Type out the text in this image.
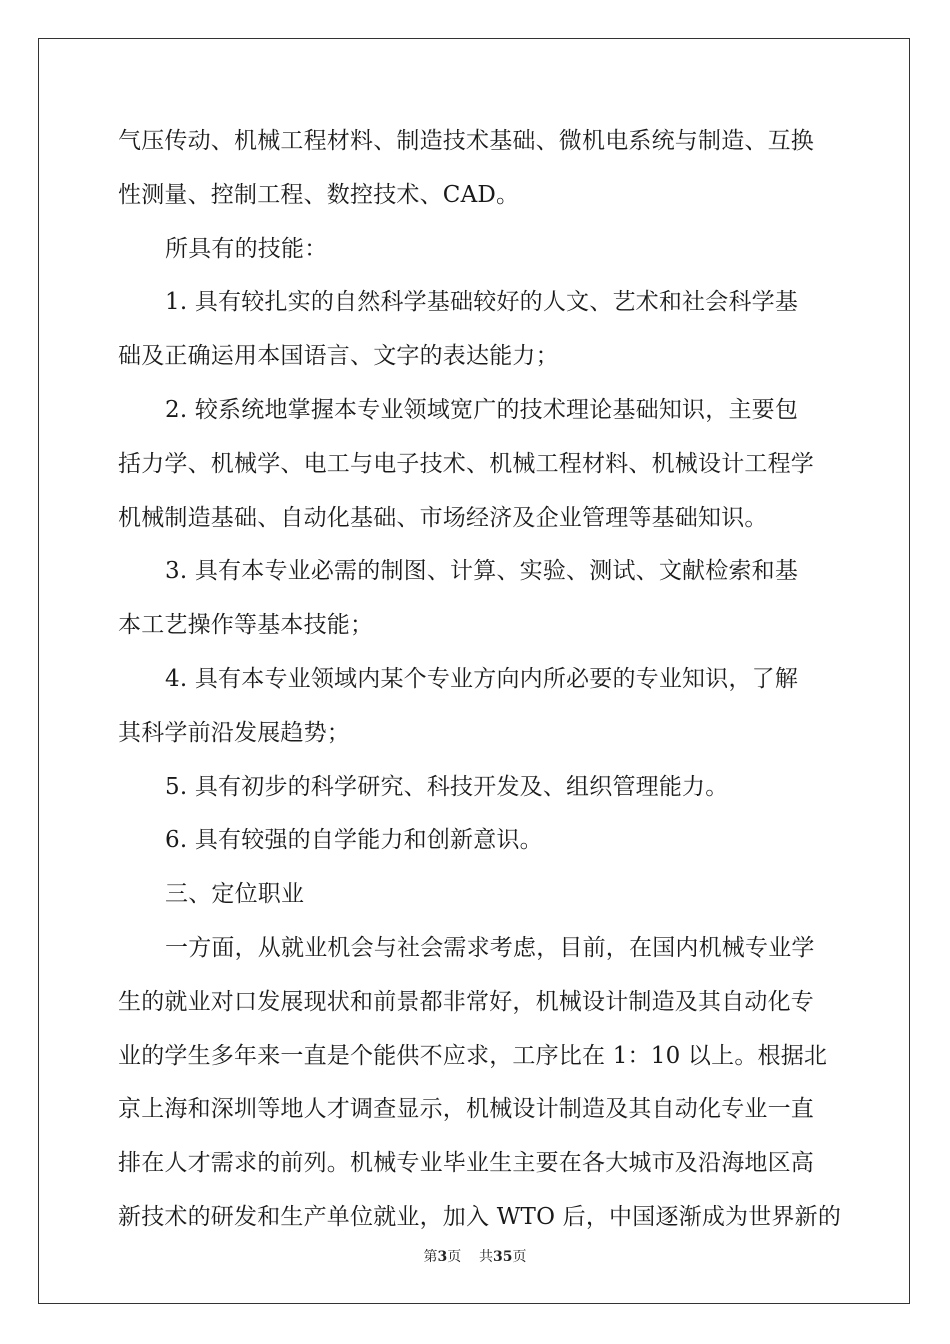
气压传动、机械工程材料、制造技术基础、微机电系统与制造、互换
性测量、控制工程、数控技术、CAD。
所具有的技能：
1. 具有较扎实的自然科学基础较好的人文、艺术和社会科学基
础及正确运用本国语言、文字的表达能力；
2. 较系统地掌握本专业领域宽广的技术理论基础知识，主要包
括力学、机械学、电工与电子技术、机械工程材料、机械设计工程学
机械制造基础、自动化基础、市场经济及企业管理等基础知识。
3. 具有本专业必需的制图、计算、实验、测试、文献检索和基
本工艺操作等基本技能；
4. 具有本专业领域内某个专业方向内所必要的专业知识，了解
其科学前沿发展趋势；
5. 具有初步的科学研究、科技开发及、组织管理能力。
6. 具有较强的自学能力和创新意识。
三、定位职业
一方面，从就业机会与社会需求考虑，目前，在国内机械专业学
生的就业对口发展现状和前景都非常好，机械设计制造及其自动化专
业的学生多年来一直是个能供不应求，工序比在 1：10 以上。根据北
京上海和深圳等地人才调查显示，机械设计制造及其自动化专业一直
排在人才需求的前列。机械专业毕业生主要在各大城市及沿海地区高
新技术的研发和生产单位就业，加入 WTO 后，中国逐渐成为世界新的
第3页 共35页
